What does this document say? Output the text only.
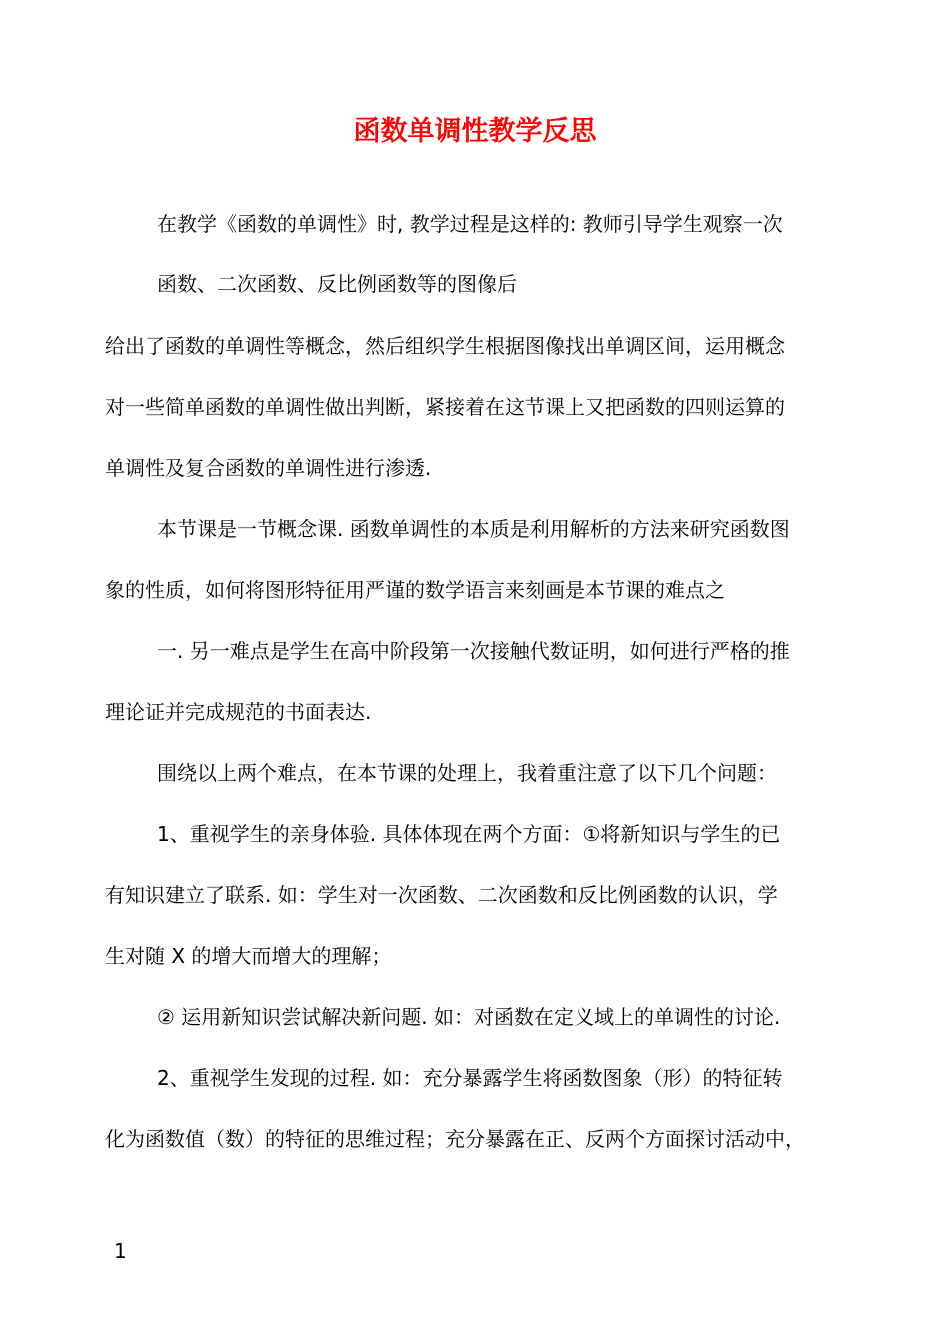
函数单调性教学反思
在教学《函数的单调性》时, 教学过程是这样的: 教师引导学生观察一次
函数、二次函数、反比例函数等的图像后
给出了函数的单调性等概念，然后组织学生根据图像找出单调区间，运用概念
对一些简单函数的单调性做出判断，紧接着在这节课上又把函数的四则运算的
单调性及复合函数的单调性进行渗透.
本节课是一节概念课. 函数单调性的本质是利用解析的方法来研究函数图
象的性质，如何将图形特征用严谨的数学语言来刻画是本节课的难点之
一. 另一难点是学生在高中阶段第一次接触代数证明，如何进行严格的推
理论证并完成规范的书面表达.
围绕以上两个难点，在本节课的处理上，我着重注意了以下几个问题：
1、重视学生的亲身体验. 具体体现在两个方面：①将新知识与学生的已
有知识建立了联系. 如：学生对一次函数、二次函数和反比例函数的认识，学
生对随 X 的增大而增大的理解；
② 运用新知识尝试解决新问题. 如：对函数在定义域上的单调性的讨论.
2、重视学生发现的过程. 如：充分暴露学生将函数图象（形）的特征转
化为函数值（数）的特征的思维过程；充分暴露在正、反两个方面探讨活动中，
1
